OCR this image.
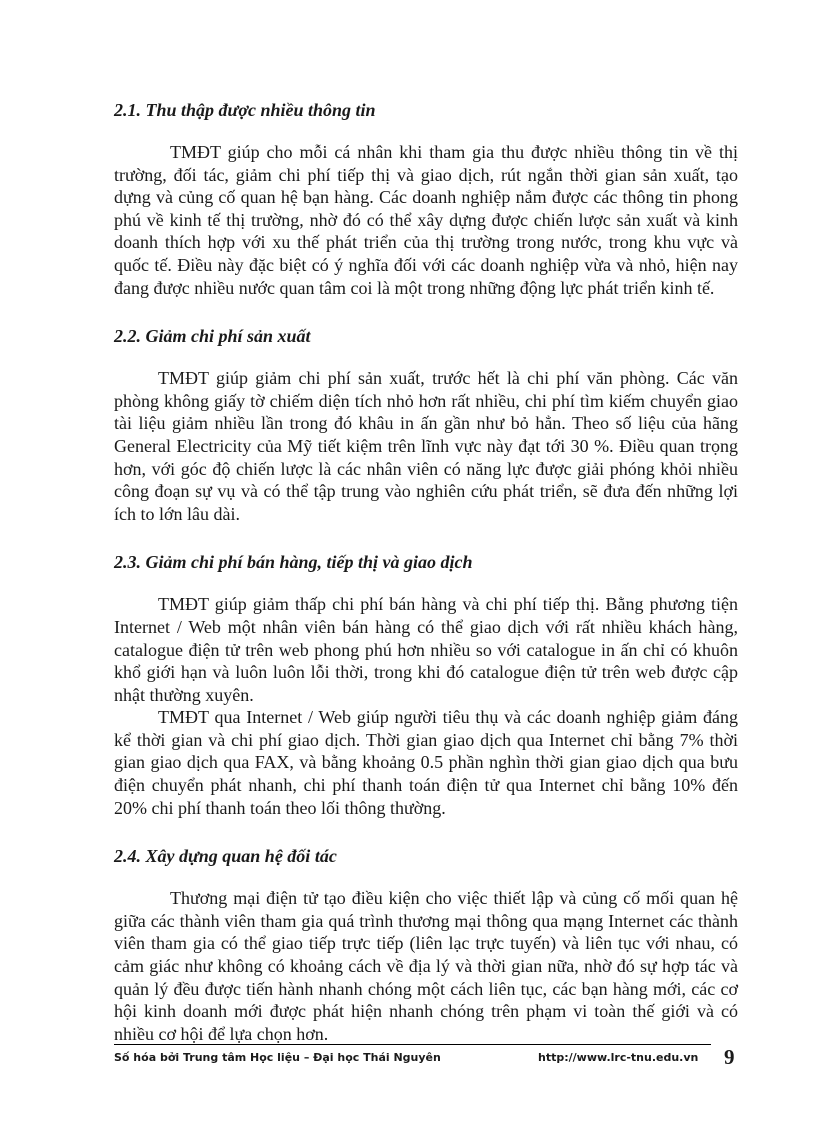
2.1. Thu thập được nhiều thông tin

TMĐT giúp cho mỗi cá nhân khi tham gia thu được nhiều thông tin về thị trường, đối tác, giảm chi phí tiếp thị và giao dịch, rút ngắn thời gian sản xuất, tạo dựng và củng cố quan hệ bạn hàng. Các doanh nghiệp nắm được các thông tin phong phú về kinh tế thị trường, nhờ đó có thể xây dựng được chiến lược sản xuất và kinh doanh thích hợp với xu thế phát triển của thị trường trong nước, trong khu vực và quốc tế. Điều này đặc biệt có ý nghĩa đối với các doanh nghiệp vừa và nhỏ, hiện nay đang được nhiều nước quan tâm coi là một trong những động lực phát triển kinh tế.

2.2. Giảm chi phí sản xuất

TMĐT giúp giảm chi phí sản xuất, trước hết là chi phí văn phòng. Các văn phòng không giấy tờ chiếm diện tích nhỏ hơn rất nhiều, chi phí tìm kiếm chuyển giao tài liệu giảm nhiều lần trong đó khâu in ấn gần như bỏ hẳn. Theo số liệu của hãng General Electricity của Mỹ tiết kiệm trên lĩnh vực này đạt tới 30 %. Điều quan trọng hơn, với góc độ chiến lược là các nhân viên có năng lực được giải phóng khỏi nhiều công đoạn sự vụ và có thể tập trung vào nghiên cứu phát triển, sẽ đưa đến những lợi ích to lớn lâu dài.

2.3. Giảm chi phí bán hàng, tiếp thị và giao dịch

TMĐT giúp giảm thấp chi phí bán hàng và chi phí tiếp thị. Bằng phương tiện Internet / Web một nhân viên bán hàng có thể giao dịch với rất nhiều khách hàng, catalogue điện tử trên web phong phú hơn nhiều so với catalogue in ấn chỉ có khuôn khổ giới hạn và luôn luôn lỗi thời, trong khi đó catalogue điện tử trên web được cập nhật thường xuyên.

TMĐT qua Internet / Web giúp người tiêu thụ và các doanh nghiệp giảm đáng kể thời gian và chi phí giao dịch. Thời gian giao dịch qua Internet chỉ bằng 7% thời gian giao dịch qua FAX, và bằng khoảng 0.5 phần nghìn thời gian giao dịch qua bưu điện chuyển phát nhanh, chi phí thanh toán điện tử qua Internet chỉ bằng 10% đến 20% chi phí thanh toán theo lối thông thường.

2.4. Xây dựng quan hệ đối tác

Thương mại điện tử tạo điều kiện cho việc thiết lập và củng cố mối quan hệ giữa các thành viên tham gia quá trình thương mại thông qua mạng Internet các thành viên tham gia có thể giao tiếp trực tiếp (liên lạc trực tuyến) và liên tục với nhau, có cảm giác như không có khoảng cách về địa lý và thời gian nữa, nhờ đó sự hợp tác và quản lý đều được tiến hành nhanh chóng một cách liên tục, các bạn hàng mới, các cơ hội kinh doanh mới được phát hiện nhanh chóng trên phạm vi toàn thế giới và có nhiều cơ hội để lựa chọn hơn.

Số hóa bởi Trung tâm Học liệu – Đại học Thái Nguyên	http://www.lrc-tnu.edu.vn 9
